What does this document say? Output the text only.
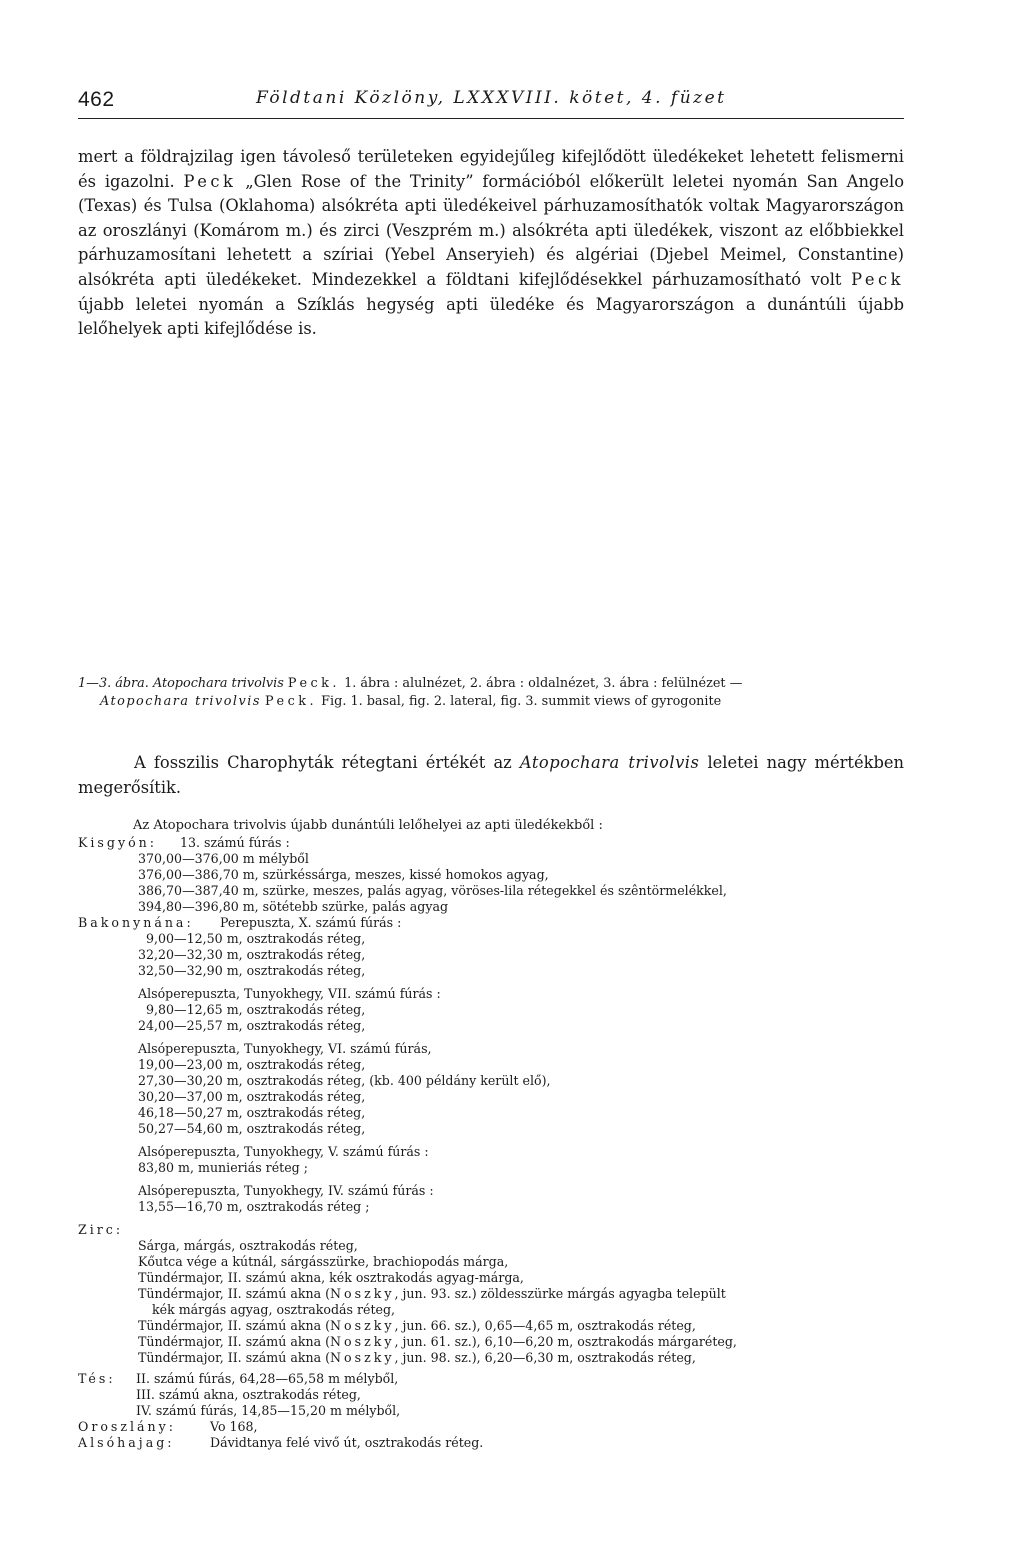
462	Földtani Közlöny, LXXXVIII. kötet, 4. füzet

mert a földrajzilag igen távoleső területeken egyidejűleg kifejlődött üledékeket lehetett felismerni és igazolni. Peck „Glen Rose of the Trinity” formációból előkerült leletei nyomán San Angelo (Texas) és Tulsa (Oklahoma) alsókréta apti üledékeivel párhuzamosíthatók voltak Magyarországon az oroszlányi (Komárom m.) és zirci (Veszprém m.) alsókréta apti üledékek, viszont az előbbiekkel párhuzamosítani lehetett a szíriai (Yebel Anseryieh) és algériai (Djebel Meimel, Constantine) alsókréta apti üledékeket. Mindezekkel a földtani kifejlődésekkel párhuzamosítható volt Peck újabb leletei nyomán a Szíklás hegység apti üledéke és Magyarországon a dunántúli újabb lelőhelyek apti kifejlődése is.

1—3. ábra. Atopochara trivolvis Peck. 1. ábra : alulnézet, 2. ábra : oldalnézet, 3. ábra : felülnézet —
Atopochara trivolvis Peck. Fig. 1. basal, fig. 2. lateral, fig. 3. summit views of gyrogonite

A fosszilis Charophyták rétegtani értékét az Atopochara trivolvis leletei nagy mértékben megerősítik.

Az Atopochara trivolvis újabb dunántúli lelőhelyei az apti üledékekből :
Kisgyón: 13. számú fúrás :
370,00—376,00 m mélyből
376,00—386,70 m, szürkéssárga, meszes, kissé homokos agyag,
386,70—387,40 m, szürke, meszes, palás agyag, vöröses-lila rétegekkel és szêntörmelékkel,
394,80—396,80 m, sötétebb szürke, palás agyag
Bakonynána: Perepuszta, X. számú fúrás :
9,00—12,50 m, osztrakodás réteg,
32,20—32,30 m, osztrakodás réteg,
32,50—32,90 m, osztrakodás réteg,
Alsóperepuszta, Tunyokhegy, VII. számú fúrás :
9,80—12,65 m, osztrakodás réteg,
24,00—25,57 m, osztrakodás réteg,
Alsóperepuszta, Tunyokhegy, VI. számú fúrás,
19,00—23,00 m, osztrakodás réteg,
27,30—30,20 m, osztrakodás réteg, (kb. 400 példány került elő),
30,20—37,00 m, osztrakodás réteg,
46,18—50,27 m, osztrakodás réteg,
50,27—54,60 m, osztrakodás réteg,
Alsóperepuszta, Tunyokhegy, V. számú fúrás :
83,80 m, munieriás réteg ;
Alsóperepuszta, Tunyokhegy, IV. számú fúrás :
13,55—16,70 m, osztrakodás réteg ;
Zirc:
Sárga, márgás, osztrakodás réteg,
Kőutca vége a kútnál, sárgásszürke, brachiopodás márga,
Tündérmajor, II. számú akna, kék osztrakodás agyag-márga,
Tündérmajor, II. számú akna (Noszky, jun. 93. sz.) zöldesszürke márgás agyagba települt
kék márgás agyag, osztrakodás réteg,
Tündérmajor, II. számú akna (Noszky, jun. 66. sz.), 0,65—4,65 m, osztrakodás réteg,
Tündérmajor, II. számú akna (Noszky, jun. 61. sz.), 6,10—6,20 m, osztrakodás márgaréteg,
Tündérmajor, II. számú akna (Noszky, jun. 98. sz.), 6,20—6,30 m, osztrakodás réteg,
Tés: II. számú fúrás, 64,28—65,58 m mélyből,
III. számú akna, osztrakodás réteg,
IV. számú fúrás, 14,85—15,20 m mélyből,
Oroszlány:	Vo 168,
Alsóhajag:	Dávidtanya felé vivő út, osztrakodás réteg.
